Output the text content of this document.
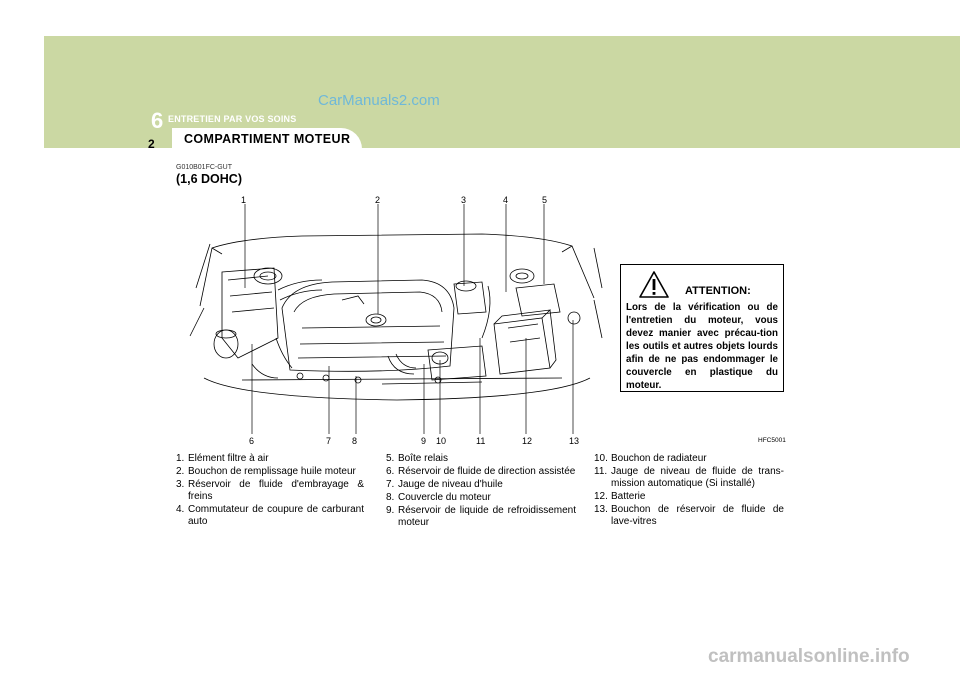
6 ENTRETIEN PAR VOS SOINS
CarManuals2.com
2 COMPARTIMENT MOTEUR
G010B01FC-GUT
(1,6 DOHC)
1	2	3	4	5
6	7 8	9 10	11	12	13	HFC5001
ATTENTION:
Lors de la vérification ou de l'entretien du moteur, vous devez manier avec précau-tion les outils et autres objets lourds afin de ne pas endommager le couvercle en plastique du moteur.
1. Elément filtre à air
2. Bouchon de remplissage huile moteur
3. Réservoir de fluide d'embrayage & freins
4. Commutateur de coupure de carburant auto
5. Boîte relais
6. Réservoir de fluide de direction assistée
7. Jauge de niveau d'huile
8. Couvercle du moteur
9. Réservoir de liquide de refroidissement moteur
10. Bouchon de radiateur
11. Jauge de niveau de fluide de trans-mission automatique (Si installé)
12. Batterie
13. Bouchon de réservoir de fluide de lave-vitres
carmanualsonline.info
